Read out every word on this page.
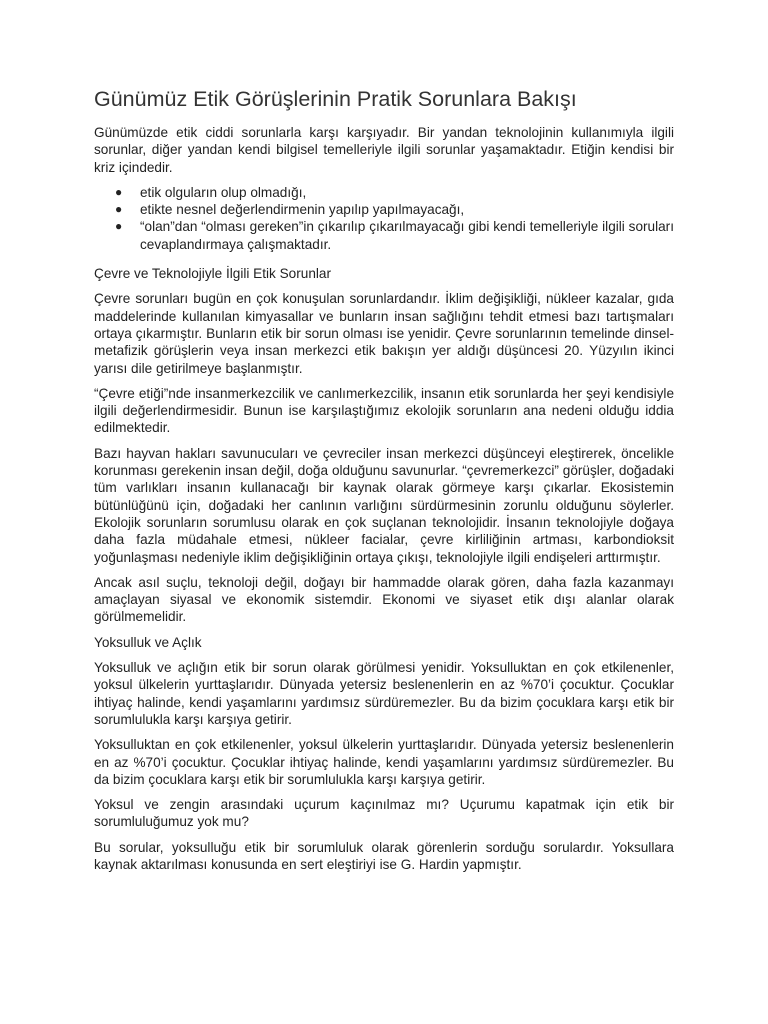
Günümüz Etik Görüşlerinin Pratik Sorunlara Bakışı

Günümüzde etik ciddi sorunlarla karşı karşıyadır. Bir yandan teknolojinin kullanımıyla ilgili sorunlar, diğer yandan kendi bilgisel temelleriyle ilgili sorunlar yaşamaktadır. Etiğin kendisi bir kriz içindedir.

● etik olguların olup olmadığı,
● etikte nesnel değerlendirmenin yapılıp yapılmayacağı,
● “olan”dan “olması gereken”in çıkarılıp çıkarılmayacağı gibi kendi temelleriyle ilgili soruları cevaplandırmaya çalışmaktadır.
Çevre ve Teknolojiyle İlgili Etik Sorunlar

Çevre sorunları bugün en çok konuşulan sorunlardandır. İklim değişikliği, nükleer kazalar, gıda maddelerinde kullanılan kimyasallar ve bunların insan sağlığını tehdit etmesi bazı tartışmaları ortaya çıkarmıştır. Bunların etik bir sorun olması ise yenidir. Çevre sorunlarının temelinde dinsel-metafizik görüşlerin veya insan merkezci etik bakışın yer aldığı düşüncesi 20. Yüzyılın ikinci yarısı dile getirilmeye başlanmıştır.

“Çevre etiği”nde insanmerkezcilik ve canlımerkezcilik, insanın etik sorunlarda her şeyi kendisiyle ilgili değerlendirmesidir. Bunun ise karşılaştığımız ekolojik sorunların ana nedeni olduğu iddia edilmektedir.

Bazı hayvan hakları savunucuları ve çevreciler insan merkezci düşünceyi eleştirerek, öncelikle korunması gerekenin insan değil, doğa olduğunu savunurlar. “çevremerkezci” görüşler, doğadaki tüm varlıkları insanın kullanacağı bir kaynak olarak görmeye karşı çıkarlar. Ekosistemin bütünlüğünü için, doğadaki her canlının varlığını sürdürmesinin zorunlu olduğunu söylerler. Ekolojik sorunların sorumlusu olarak en çok suçlanan teknolojidir. İnsanın teknolojiyle doğaya daha fazla müdahale etmesi, nükleer facialar, çevre kirliliğinin artması, karbondioksit yoğunlaşması nedeniyle iklim değişikliğinin ortaya çıkışı, teknolojiyle ilgili endişeleri arttırmıştır.

Ancak asıl suçlu, teknoloji değil, doğayı bir hammadde olarak gören, daha fazla kazanmayı amaçlayan siyasal ve ekonomik sistemdir. Ekonomi ve siyaset etik dışı alanlar olarak görülmemelidir.

Yoksulluk ve Açlık

Yoksulluk ve açlığın etik bir sorun olarak görülmesi yenidir. Yoksulluktan en çok etkilenenler, yoksul ülkelerin yurttaşlarıdır. Dünyada yetersiz beslenenlerin en az %70’i çocuktur. Çocuklar ihtiyaç halinde, kendi yaşamlarını yardımsız sürdüremezler. Bu da bizim çocuklara karşı etik bir sorumlulukla karşı karşıya getirir.

Yoksulluktan en çok etkilenenler, yoksul ülkelerin yurttaşlarıdır. Dünyada yetersiz beslenenlerin en az %70’i çocuktur. Çocuklar ihtiyaç halinde, kendi yaşamlarını yardımsız sürdüremezler. Bu da bizim çocuklara karşı etik bir sorumlulukla karşı karşıya getirir.

Yoksul ve zengin arasındaki uçurum kaçınılmaz mı? Uçurumu kapatmak için etik bir sorumluluğumuz yok mu?

Bu sorular, yoksulluğu etik bir sorumluluk olarak görenlerin sorduğu sorulardır. Yoksullara kaynak aktarılması konusunda en sert eleştiriyi ise G. Hardin yapmıştır.
